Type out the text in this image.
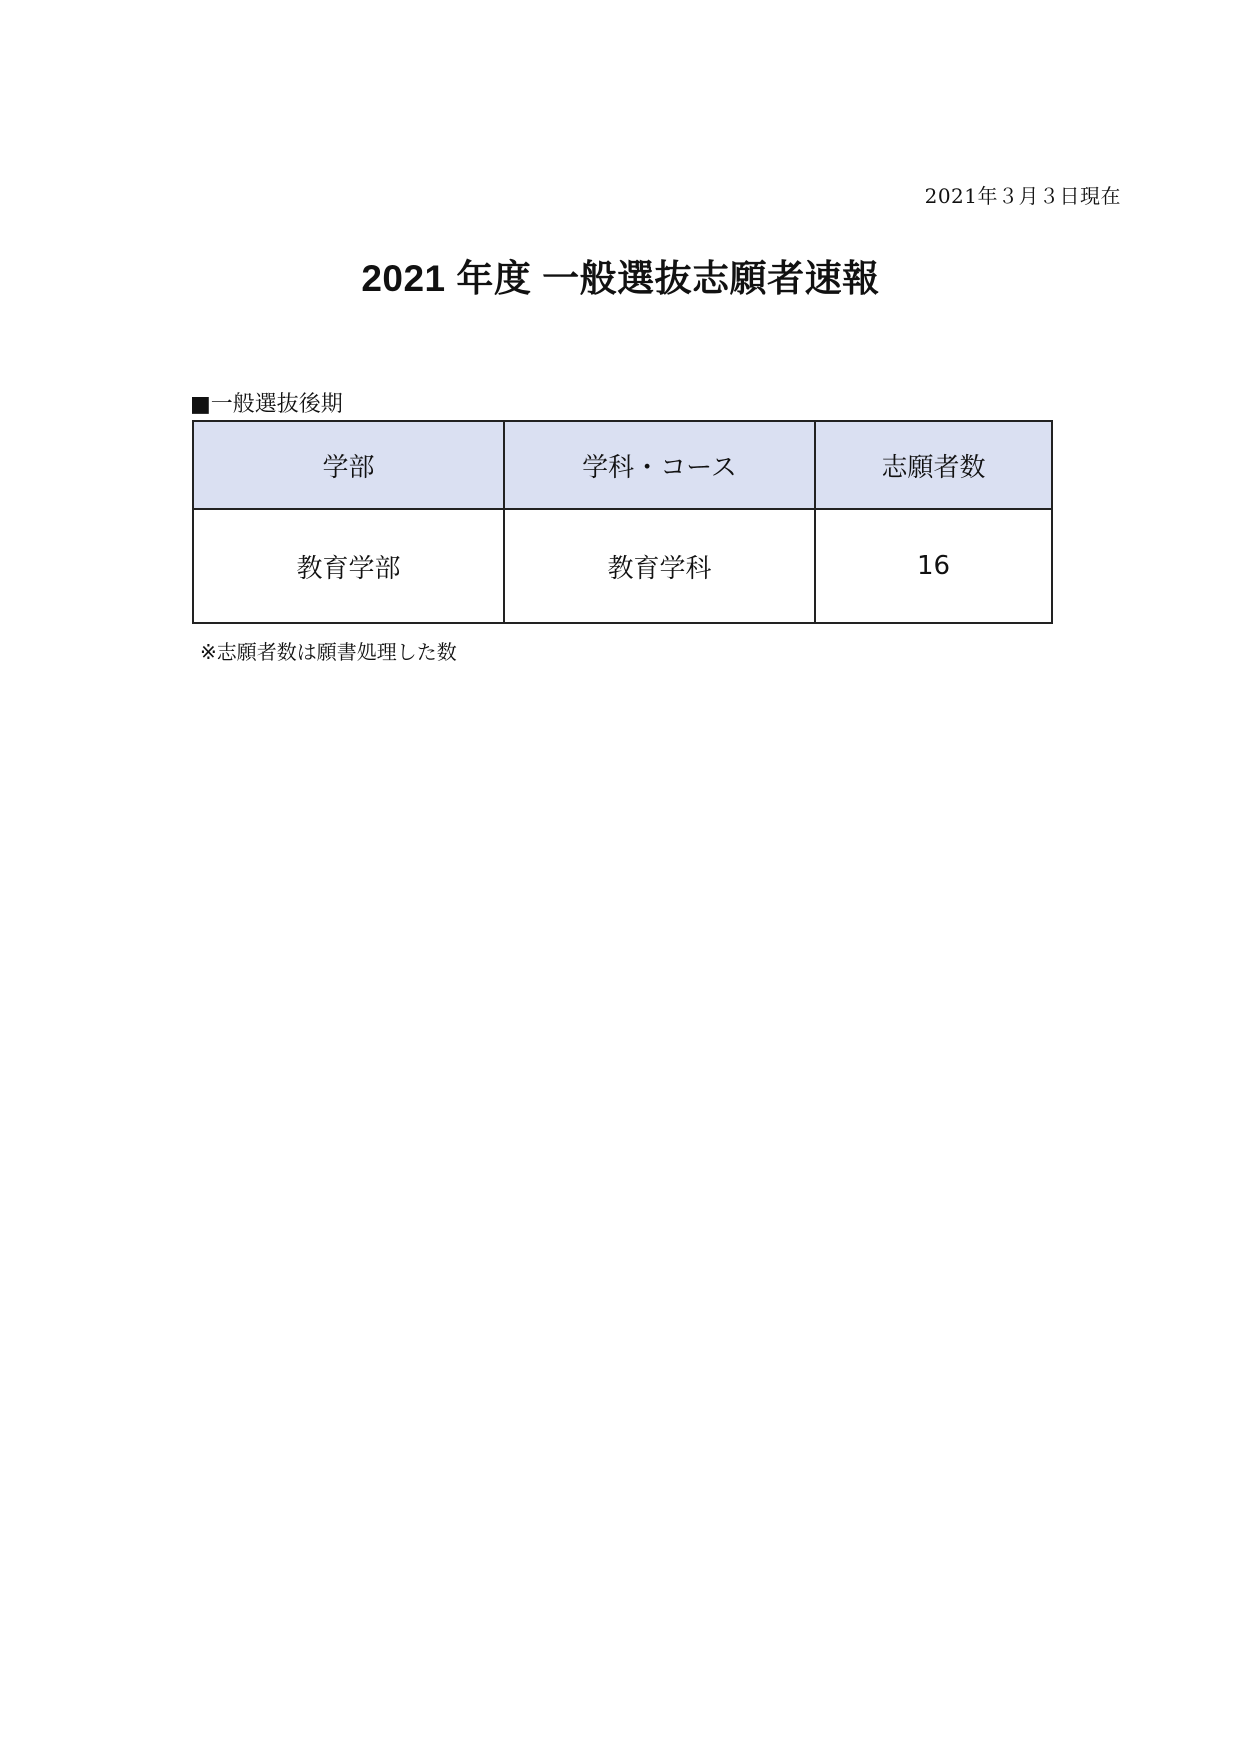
2021年３月３日現在
2021 年度 一般選抜志願者速報
■一般選抜後期
学部	学科・コース	志願者数
教育学部	教育学科	16
※志願者数は願書処理した数
